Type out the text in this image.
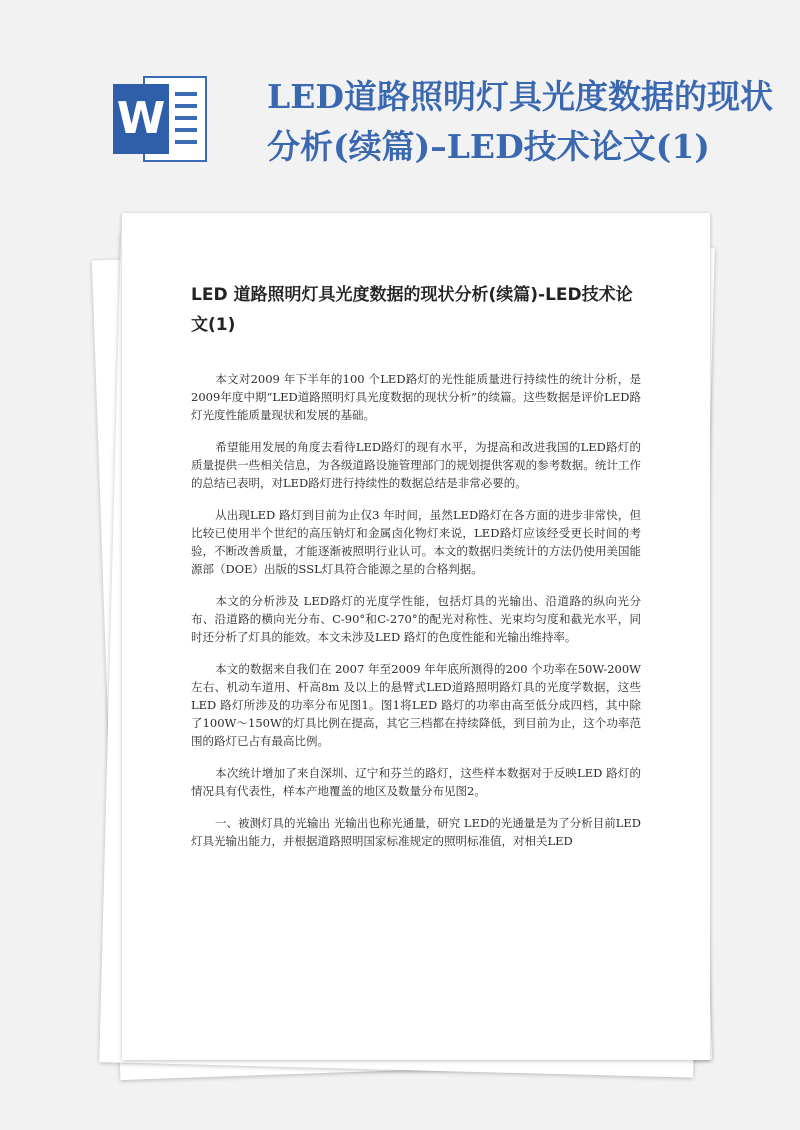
W	LED道路照明灯具光度数据的现状分析(续篇)–LED技术论文(1)
LED 道路照明灯具光度数据的现状分析(续篇)-LED技术论文(1)

本文对2009 年下半年的100 个LED路灯的光性能质量进行持续性的统计分析，是2009年度中期“LED道路照明灯具光度数据的现状分析”的续篇。这些数据是评价LED路灯光度性能质量现状和发展的基础。

希望能用发展的角度去看待LED路灯的现有水平，为提高和改进我国的LED路灯的质量提供一些相关信息，为各级道路设施管理部门的规划提供客观的参考数据。统计工作的总结已表明，对LED路灯进行持续性的数据总结是非常必要的。

从出现LED 路灯到目前为止仅3 年时间，虽然LED路灯在各方面的进步非常快，但比较已使用半个世纪的高压钠灯和金属卤化物灯来说，LED路灯应该经受更长时间的考验，不断改善质量，才能逐渐被照明行业认可。本文的数据归类统计的方法仍使用美国能源部（DOE）出版的SSL灯具符合能源之星的合格判据。

本文的分析涉及 LED路灯的光度学性能，包括灯具的光输出、沿道路的纵向光分布、沿道路的横向光分布、C-90°和C-270°的配光对称性、光束均匀度和截光水平，同时还分析了灯具的能效。本文未涉及LED 路灯的色度性能和光输出维持率。

本文的数据来自我们在 2007 年至2009 年年底所测得的200 个功率在50W-200W 左右、机动车道用、杆高8m 及以上的悬臂式LED道路照明路灯具的光度学数据，这些LED 路灯所涉及的功率分布见图1。图1将LED 路灯的功率由高至低分成四档，其中除了100W～150W的灯具比例在提高，其它三档都在持续降低，到目前为止，这个功率范围的路灯已占有最高比例。

本次统计增加了来自深圳、辽宁和芬兰的路灯，这些样本数据对于反映LED 路灯的情况具有代表性，样本产地覆盖的地区及数量分布见图2。

一、被测灯具的光输出 光输出也称光通量，研究 LED的光通量是为了分析目前LED灯具光输出能力，并根据道路照明国家标准规定的照明标准值，对相关LED
